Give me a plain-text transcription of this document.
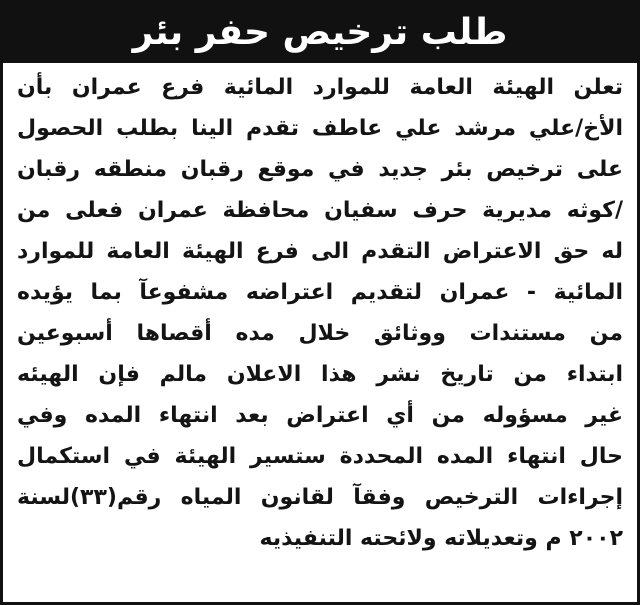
طلب ترخيص حفر بئر
تعلن الهيئة العامة للموارد المائية فرع عمران بأن
الأخ/علي مرشد علي عاطف تقدم الينا بطلب الحصول
على ترخيص بئر جديد في موقع رقبان منطقه رقبان
/كوثه مديرية حرف سفيان محافظة عمران فعلى من
له حق الاعتراض التقدم الى فرع الهيئة العامة للموارد
المائية - عمران لتقديم اعتراضه مشفوعآ بما يؤيده
من مستندات ووثائق خلال مده أقصاها أسبوعين
ابتداء من تاريخ نشر هذا الاعلان مالم فإن الهيئه
غير مسؤوله من أي اعتراض بعد انتهاء المده وفي
حال انتهاء المده المحددة ستسير الهيئة في استكمال
إجراءات الترخيص وفقآ لقانون المياه رقم(٣٣)لسنة
٢٠٠٢ م وتعديلاته ولائحته التنفيذيه
